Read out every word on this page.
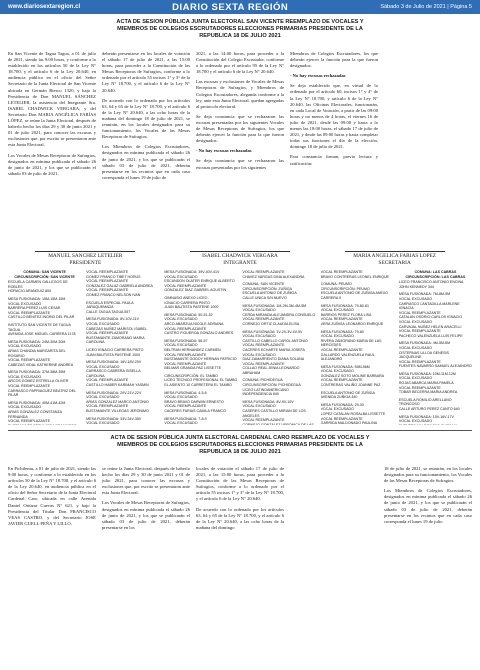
www.diariosextaregion.cl	DIARIO SEXTA REGIÓN	Sábado 3 de Julio de 2021 | Página 5
ACTA DE SESION PÚBLICA JUNTA ELECTORAL SAN VICENTE REEMPLAZO DE VOCALES Y MIEMBROS DE COLEGIOS ESCRUTADORES ELECCIONES PRIMARIAS PRESIDENTE DE LA REPUBLICA 18 DE JULIO 2021

En San Vicente de Tagua Tagua, a 01 de julio de 2021, siendo las 9:00 horas, y conforme a lo establecido en los artículos 50 de la Ley N° 18.700, y el artículo 6 de la Ley 20.640, en audiencia pública en el oficio del Señor Secretario de la Junta Electoral de San Vicente ubicada en Germán Riesco 1320, y bajo la Presidencia de Don MANUEL SÁNCHEZ LETELIER, la asistencia del Integrante Sra. ISABEL CHADWICK VERGARA, y del Secretario Don MARIA ANGÉLICA FARÍAS LÓPEZ, se reúne la Junta Electoral, después de haberlo hecho los días 29 y 30 de junio 2021 y 01 de julio 2021, para conocer las excusas y exclusiones que, por escrito se presentaron ante esta Junta Electoral.

Los Vocales de Mesas Receptoras de Sufragios, designados en mínima publicada el sábado 26 de junio de 2021, y los que se publicarán el sábado 03 de julio de 2021,

deberán presentarse en los locales de votación el sábado 17 de julio de 2021, a las 15:00 horas, para proceder a la Constitución de las Mesas Receptoras de Sufragios, conforme a lo ordenado por el artículo 55 incisos 1° y 3° de la Ley N° 18.700, y el artículo 6 de la Ley N° 20.640.

De acuerdo con lo ordenado por los artículos 63, 64 y 65 de la Ley N° 18.700, y el artículo 6 de la Ley N° 20.640, a las ocho horas de la mañana del domingo 18 de julio de 2021, se reunirán, en los locales designados para su funcionamiento, los Vocales de las Mesas Receptoras de Sufragios.

Los Miembros de Colegios Escrutadores, designados en mínima publicada el sábado 26 de junio de 2021, y los que se publicarán el sábado 03 de julio de 2021, deberán presentarse en los recintos que en cada caso corresponda el lunes 19 de julio de

2021, a las 14:00 horas, para proceder a la Constitución del Colegio Escrutador, conforme a lo ordenado por el artículo 95 de la Ley N° 18.700 y el artículo 6 de la Ley N° 20.640.

Las excusas y exclusiones de Vocales de Mesas Receptoras de Sufragios, y Miembros de Colegios Escrutadores, aleganda conforme a la ley, ante esta Junta Electoral, quedan agregadas al protocolo electoral.

Se deja constancia que se rechazaron las excusas presentadas por los siguientes Vocales de Mesas Receptoras de Sufragios, los que deberán ejercer la función para la que fueron designados:

- No hay excusas rechazadas

Se deja constancia que se rechazaron las excusas presentadas por los siguientes

Miembros de Colegios Escrutadores, los que deberán ejercer la función para la que fueron designados:

- No hay excusas rechazadas

Se deja establecido que, en virtud de lo ordenado por el artículo 60, incisos 1° y 4° de la Ley N° 18.700, y artículo 6 de la Ley N° 20.640, las Oficinas Electorales, funcionarán, en cada Local de Votación, a partir de las 09:00 horas y no menos de 4 horas, el viernes 16 de julio de 2021, desde las 09:00 y hasta a lo menos las 18:00 horas, el sábado 17 de julio de 2021, y desde las 09:00 horas y hasta completar todas sus funciones el día de la elección, domingo 18 de julio de 2021.

Para constancia firman, previa lectura y ratificación:

MANUEL SANCHEZ LETELIER
PRESIDENTE
ISABEL CHADWICK VERGARA
INTEGRANTE
MARIA ANGELICA FARIAS LOPEZ
SECRETARIA
COMUNA: SAN VICENTE CIRCUNSCRIPCIÓN: SAN VICENTE
ESCUELA CARMEN GALLEGOS DE ROBLES
HORACIO ARANGUIZ 800
MESA FUSIONADA: 15M-15M-15M
VOCAL EXCUSADO
BARRERA PEREZ LUIS CESAR
VOCAL REEMPLAZANTE
CASTILLO BENITEZ INGRID DEL PILAR
INSTITUTO SAN VICENTE DE TAGUA TAGUA
AVENIDA JOSE MIGUEL CARRERA 1178
MESA FUSIONADA: 24M-30M-30M
VOCAL EXCUSADO
ARIAS CHANDIA MARGARITA DEL ROSARIO
VOCAL REEMPLAZANTE
CABEZAS VIDAL KATHERINE ANDREA
MESA FUSIONADA: 37M-38M-39M
VOCAL EXCUSADO
ARCOS GOMEZ ESTRELLA OLIVER
VOCAL REEMPLAZANTE
CARRASCO PAPRIAGUEZ BEATRIZ DEL PILAR
MESA FUSIONADA: 40M-41M-42M
VOCAL EXCUSADO
ARIAS GONZALEZ CONSTANZA FERNANDA
VOCAL REEMPLAZANTE
VOCAL REEMPLAZANTE
GOMEZ FRANCO TIBET HORUS
VOCAL REEMPLAZANTE
GONZALEZ GALAZ GABRIELA ANDREA
VOCAL REEMPLAZANTE
GOMEZ FRANCO NELSON IVAN
ESCUELA ESPECIAL PAULA JARAQUEMADA
CALLE TAGUA TAGUA 557
MESA FUSIONADA: 8V-10V-11V
VOCAL EXCUSADO
CABEZAS NUÑEZ MARISOL ISABEL
VOCAL REEMPLAZANTE
BUSTAMANTE ZAMORANO MARIA CAROLINA
LICEO IGNACIO CARRERA PINTO
JUAN BAUTISTA PASTENE 1000
MESA FUSIONADA: 16V-18V-20V
VOCAL EXCUSADO
CARRASCO CABRERA GISELLA CAROLINA
VOCAL REEMPLAZANTE
CASTILLO HABER KARIMAH YASMIN
MESA FUSIONADA: 20V-21V-22V
VOCAL EXCUSADO
ARIAS GONZALEZ MARCO ANTONIO
VOCAL REEMPLAZANTE
BUSTAMANTE VILLEGAS JERONIMO
MESA FUSIONADA: 33V-34V-35V
VOCAL EXCUSADO
MESA FUSIONADA: 39V-40V-41V
VOCAL EXCUSADO
ESCANDON OLATER ENRIQUE ALBERTO
VOCAL REEMPLAZANTE
GONZALEZ DIAZ GABRIEL AGUSTIN
GIMNASIO ANEXO LICEO
IGNACIO CARRERA PINTO
JUAN BAUTISTA PASTENE 1000
MESA FUSIONADA: 50-51-52
VOCAL EXCUSADO
ARCO ABARZUA NICOLE ADRIANA
VOCAL REEMPLAZANTE
CASTRO FIGUEROA GONZALO ANDRES
MESA FUSIONADA: 56-57
VOCAL EXCUSADO
BELTRAN HERNANDEZ CARMEN
VOCAL REEMPLAZANTE
BUSTAMANTE GODOY HERNAN PATRICIO
VOCAL REEMPLAZANTE
BELMAR GRANDA PAZ LISSETTE
CIRCUNSCRIPCIÓN: EL TAMBO
LICEO TECNICO PROFESIONAL EL TAMBO
EL ASIENTO 10 CARRETERA EL TAMBO
MESA FUSIONADA: 4-5-6
VOCAL EXCUSADO
BRAVO BRAVO DARWIN ERNESTO
VOCAL REEMPLAZANTE
CACERES FARIAS CAMILA FRANCO
MESA FUSIONADA: 7-8-9
VOCAL EXCUSADO
VOCAL REEMPLAZANTE
CHAVEZ VARGAS DINA ALEXANDRA
COMUNA: SAN VICENTE
CIRCUNSCRIPCIÓN: ZUÑIGA
ESCUELA ANTONIO DE ZUÑIGA
CALLE UNICA S/N NUEVO
MESA FUSIONADA: 1M-2M-3M-4M-5M
VOCAL EXCUSADO
CERDA MIRANDA ALEJANDRA CONSUELO
VOCAL REEMPLAZANTE
CORNEJO ORTIZ CLAUDIA ELISA
MESA FUSIONADA: 1V-2V-3V-4V-5V
VOCAL EXCUSADO
CASTILLO CABELLO CAROL ANTONIO
VOCAL REEMPLAZANTE
CACERES ECHARTE MARIA JOSEFA
VOCAL EXCUSADO
DIAZ ZAMARRENTO DIANA SOLANA
VOCAL REEMPLAZANTE
COLLAO REAL JENIA LEONARDO ABRAHAM
COMUNA: PICHIDEGUA
CIRCUNSCRIPCIÓN: PICHIDEGUA
LICEO LATINOAMERICANO
INDEPENDENCIA 840
MESA FUSIONADA: 8V-9V-10V
VOCAL EXCUSADO
CASERES CASTILLO MIRIAN DE LOS ANGELES
VOCAL REEMPLAZANTE
CORNEJO GONZALEZ VERONICA DE LAS
VOCAL REEMPLAZANTE
BRAVO CONTRERAS LEONEL ENRIQUE
COMUNA: PEUMO
CIRCUNSCRIPCIÓN: PEUMO
ESCUELA ANTONIO DE ZUÑIGA ANEXO
CARRERA 9
MESA FUSIONADA: 79-80-81
VOCAL EXCUSADO
BARRIOS PEREZ FLORA LISA
VOCAL REEMPLAZANTE
VERA ZUÑIGA LEONARDO ENRIQUE
MESA FUSIONADA: 79-80
VOCAL EXCUSADO
RIVERA ZAMORANO MARIA DE LAS MERCEDES
VOCAL REEMPLAZANTE
GALLARDO VALENZUELA RAUL ALEJANDRO
MESA FUSIONADA: 55M-56M
VOCAL EXCUSADO
GONZALEZ SOTO MOLINE BARBARA
VOCAL REEMPLAZANTE
CONTRERAS VALIÑO JOANNE PAZ
ESCUELA ANTONIO DE ZUÑIGA
AVENIDA ZUÑIGA 440
MESA FUSIONADA: 29-30
VOCAL EXCUSADO
LOPEZ CATALAN ROSALBA LISSETTE
VOCAL REEMPLAZANTE
GARRIDA MALDONADO PAULINA
COMUNA: LAS CABRAS CIRCUNSCRIPCIÓN: LAS CABRAS
LICEO FRANCISCO ANTONIO ENCINA
JOHN KENNEDY 344
MESA FUSIONADA: 7M-8M-9M
VOCAL EXCUSADO
CARRASCO LANTADILLA MARLENE IGNACIA
VOCAL REEMPLAZANTE
CATALAN OSORIO CARLOS IGNACIO
VOCAL EXCUSADO
CARVAJAL NUÑEZ HELEN ARACELLI
VOCAL REEMPLAZANTE
PACHECO VALENZUELA LUIS FELIPE
MESA FUSIONADA: 4M-5M-6M
VOCAL EXCUSADO
CISTERNAS ULLOA GENESIS JACQUELINE
VOCAL REEMPLAZANTE
FUENTES NAVARRO SAMUEL ALEJANDRO
MESA FUSIONADA: 10M-11M-12M
VOCAL EXCUSADO
ROJAS ABARCA MARIA PAMELA
VOCAL REEMPLAZANTE
TOBAR BECERRA MARIA ANDREA
ESCUELA ROMILIO ARELLANO TRONCOSO
CALLE ARTURO PEREZ CANTO 640
MESA FUSIONADA: 15V-16V-17V
VOCAL EXCUSADO
ACTA DE SESION PÚBLICA JUNTA ELECTORAL CARDENAL CARO REEMPLAZO DE VOCALES Y MIEMBROS DE COLEGIOS ESCRUTADORES ELECCIONES PRIMARIAS PRESIDENTE DE LA REPUBLICA 18 DE JULIO 2021

En Pichilemu, a 01 de julio de 2021, siendo las 9:00 horas, y conforme a lo establecido en los artículos 50 de la Ley N° 18.700, y el artículo 6 de la Ley 20.640, en audiencia pública en el oficio del Señor Secretario de la Junta Electoral Cardenal Caro, ubicada en calle Avenida Daniel Ortúzar Cuevas N° 621, y bajo la Presidencia del Titular Don FRANCISCO VEAS CASTRO, y del Secretario JOSE JAVIER GUELL PEÑA Y LILLO,

se reúne la Junta Electoral, después de haberlo hecho los días 29 y 30 de junio 2021 y 01 de julio 2021, para conocer las excusas y exclusiones que, por escrito se presentaron ante esta Junta Electoral.

Los Vocales de Mesas Receptoras de Sufragios, designados en mínima publicada el sábado 26 de junio de 2021, y los que se publicarán el sábado 03 de julio de 2021, deberán presentarse en los

locales de votación el sábado 17 de julio de 2021, a las 15:00 horas, para proceder a la Constitución de las Mesas Receptoras de Sufragios, conforme a lo ordenado por el artículo 55 incisos 1° y 3° de la Ley N° 18.700, y el artículo 6 de la Ley N° 20.640.

De acuerdo con lo ordenado por los artículos 63, 64 y 65 de la Ley N° 18.700, y el artículo 6 de la Ley N° 20.640, a las ocho horas de la mañana del domingo

18 de julio de 2021, se reunirán, en los locales designados para su funcionamiento, los Vocales de las Mesas Receptoras de Sufragios.

Los Miembros de Colegios Escrutadores, designados en mínima publicada el sábado 26 de junio de 2021, y los que se publicarán el sábado 03 de julio de 2021, deberán presentarse en los recintos que en cada caso corresponda el lunes 19 de julio
